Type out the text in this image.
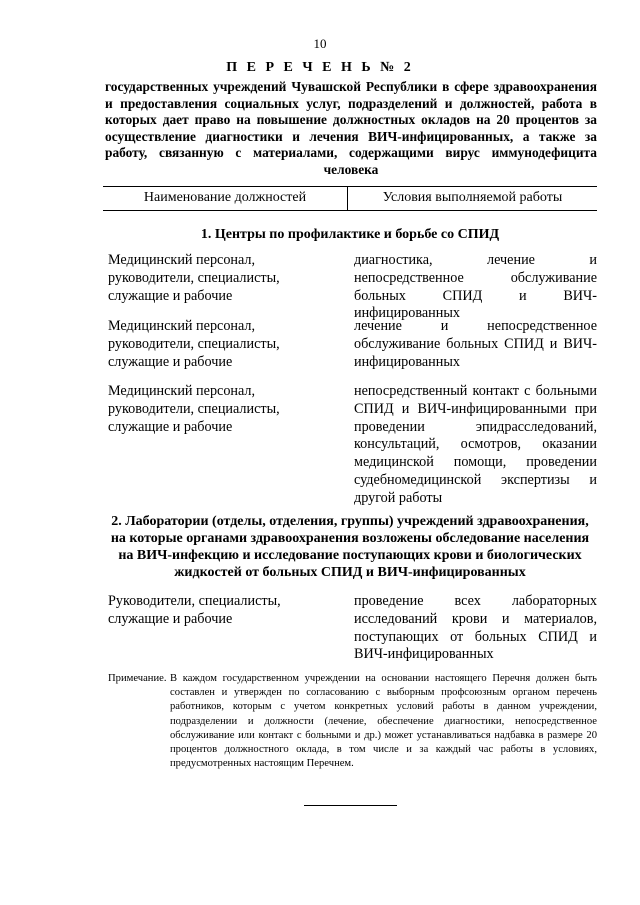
10
П Е Р Е Ч Е Н Ь № 2
государственных учреждений Чувашской Республики в сфере здравоохранения и предоставления социальных услуг, подразделений и должностей, работа в которых дает право на повышение должностных окладов на 20 процентов за осуществление диагностики и лечения ВИЧ-инфицированных, а также за работу, связанную с материалами, содержащими вирус иммунодефицита человека
Наименование должностей	Условия выполняемой работы
1. Центры по профилактике и борьбе со СПИД
Медицинский персонал, руководители, специалисты, служащие и рабочие
диагностика, лечение и непосредственное обслуживание больных СПИД и ВИЧ-инфицированных
Медицинский персонал, руководители, специалисты, служащие и рабочие
лечение и непосредственное обслуживание больных СПИД и ВИЧ-инфицированных
Медицинский персонал, руководители, специалисты, служащие и рабочие
непосредственный контакт с больными СПИД и ВИЧ-инфицированными при проведении эпидрасследований, консультаций, осмотров, оказании медицинской помощи, проведении судебномедицинской экспертизы и другой работы
2. Лаборатории (отделы, отделения, группы) учреждений здравоохранения, на которые органами здравоохранения возложены обследование населения на ВИЧ-инфекцию и исследование поступающих крови и биологических жидкостей от больных СПИД и ВИЧ-инфицированных
Руководители, специалисты, служащие и рабочие
проведение всех лабораторных исследований крови и материалов, поступающих от больных СПИД и ВИЧ-инфицированных
Примечание. В каждом государственном учреждении на основании настоящего Перечня должен быть составлен и утвержден по согласованию с выборным профсоюзным органом перечень работников, которым с учетом конкретных условий работы в данном учреждении, подразделении и должности (лечение, обеспечение диагностики, непосредственное обслуживание или контакт с больными и др.) может устанавливаться надбавка в размере 20 процентов должностного оклада, в том числе и за каждый час работы в условиях, предусмотренных настоящим Перечнем.
